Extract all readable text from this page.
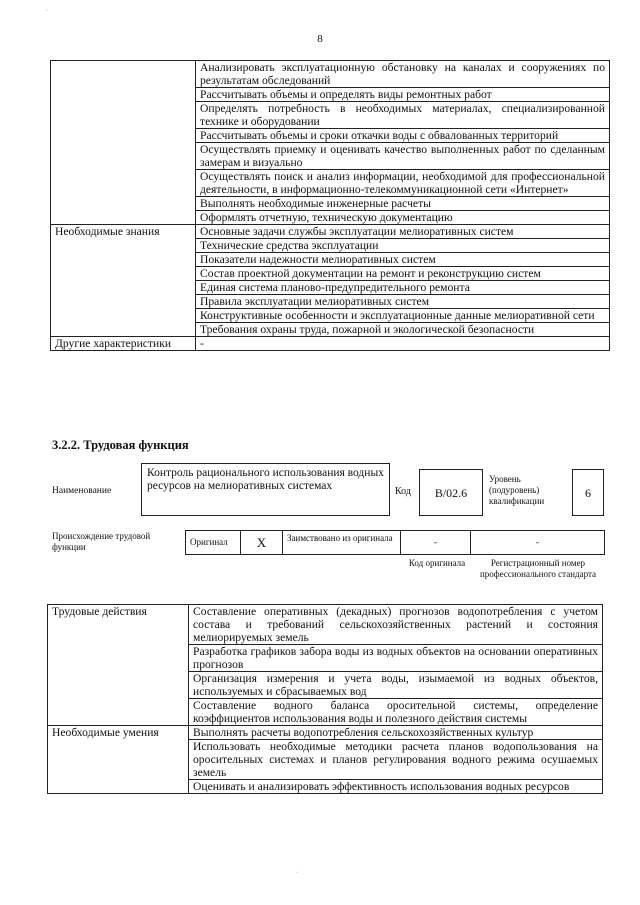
8
	Анализировать эксплуатационную обстановку на каналах и сооружениях по результатам обследований
	Рассчитывать объемы и определять виды ремонтных работ
	Определять потребность в необходимых материалах, специализированной технике и оборудовании
	Рассчитывать объемы и сроки откачки воды с обвалованных территорий
	Осуществлять приемку и оценивать качество выполненных работ по сделанным замерам и визуально
	Осуществлять поиск и анализ информации, необходимой для профессиональной деятельности, в информационно-телекоммуникационной сети «Интернет»
	Выполнять необходимые инженерные расчеты
	Оформлять отчетную, техническую документацию
Необходимые знания	Основные задачи службы эксплуатации мелиоративных систем
	Технические средства эксплуатации
	Показатели надежности мелиоративных систем
	Состав проектной документации на ремонт и реконструкцию систем
	Единая система планово-предупредительного ремонта
	Правила эксплуатации мелиоративных систем
	Конструктивные особенности и эксплуатационные данные мелиоративной сети
	Требования охраны труда, пожарной и экологической безопасности
Другие характеристики	-
3.2.2. Трудовая функция
Наименование
Контроль рационального использования водных ресурсов на мелиоративных системах	Код	В/02.6
Уровень (подуровень) квалификации
6
Происхождение трудовой функции	Оригинал	X	Заимствовано из оригинала	-	-
Код оригинала	Регистрационный номер профессионального стандарта
Трудовые действия	Составление оперативных (декадных) прогнозов водопотребления с учетом состава и требований сельскохозяйственных растений и состояния мелиорируемых земель
	Разработка графиков забора воды из водных объектов на основании оперативных прогнозов
	Организация измерения и учета воды, изымаемой из водных объектов, используемых и сбрасываемых вод
	Составление водного баланса оросительной системы, определение коэффициентов использования воды и полезного действия системы
Необходимые умения	Выполнять расчеты водопотребления сельскохозяйственных культур
	Использовать необходимые методики расчета планов водопользования на оросительных системах и планов регулирования водного режима осушаемых земель
	Оценивать и анализировать эффективность использования водных ресурсов
·
·
